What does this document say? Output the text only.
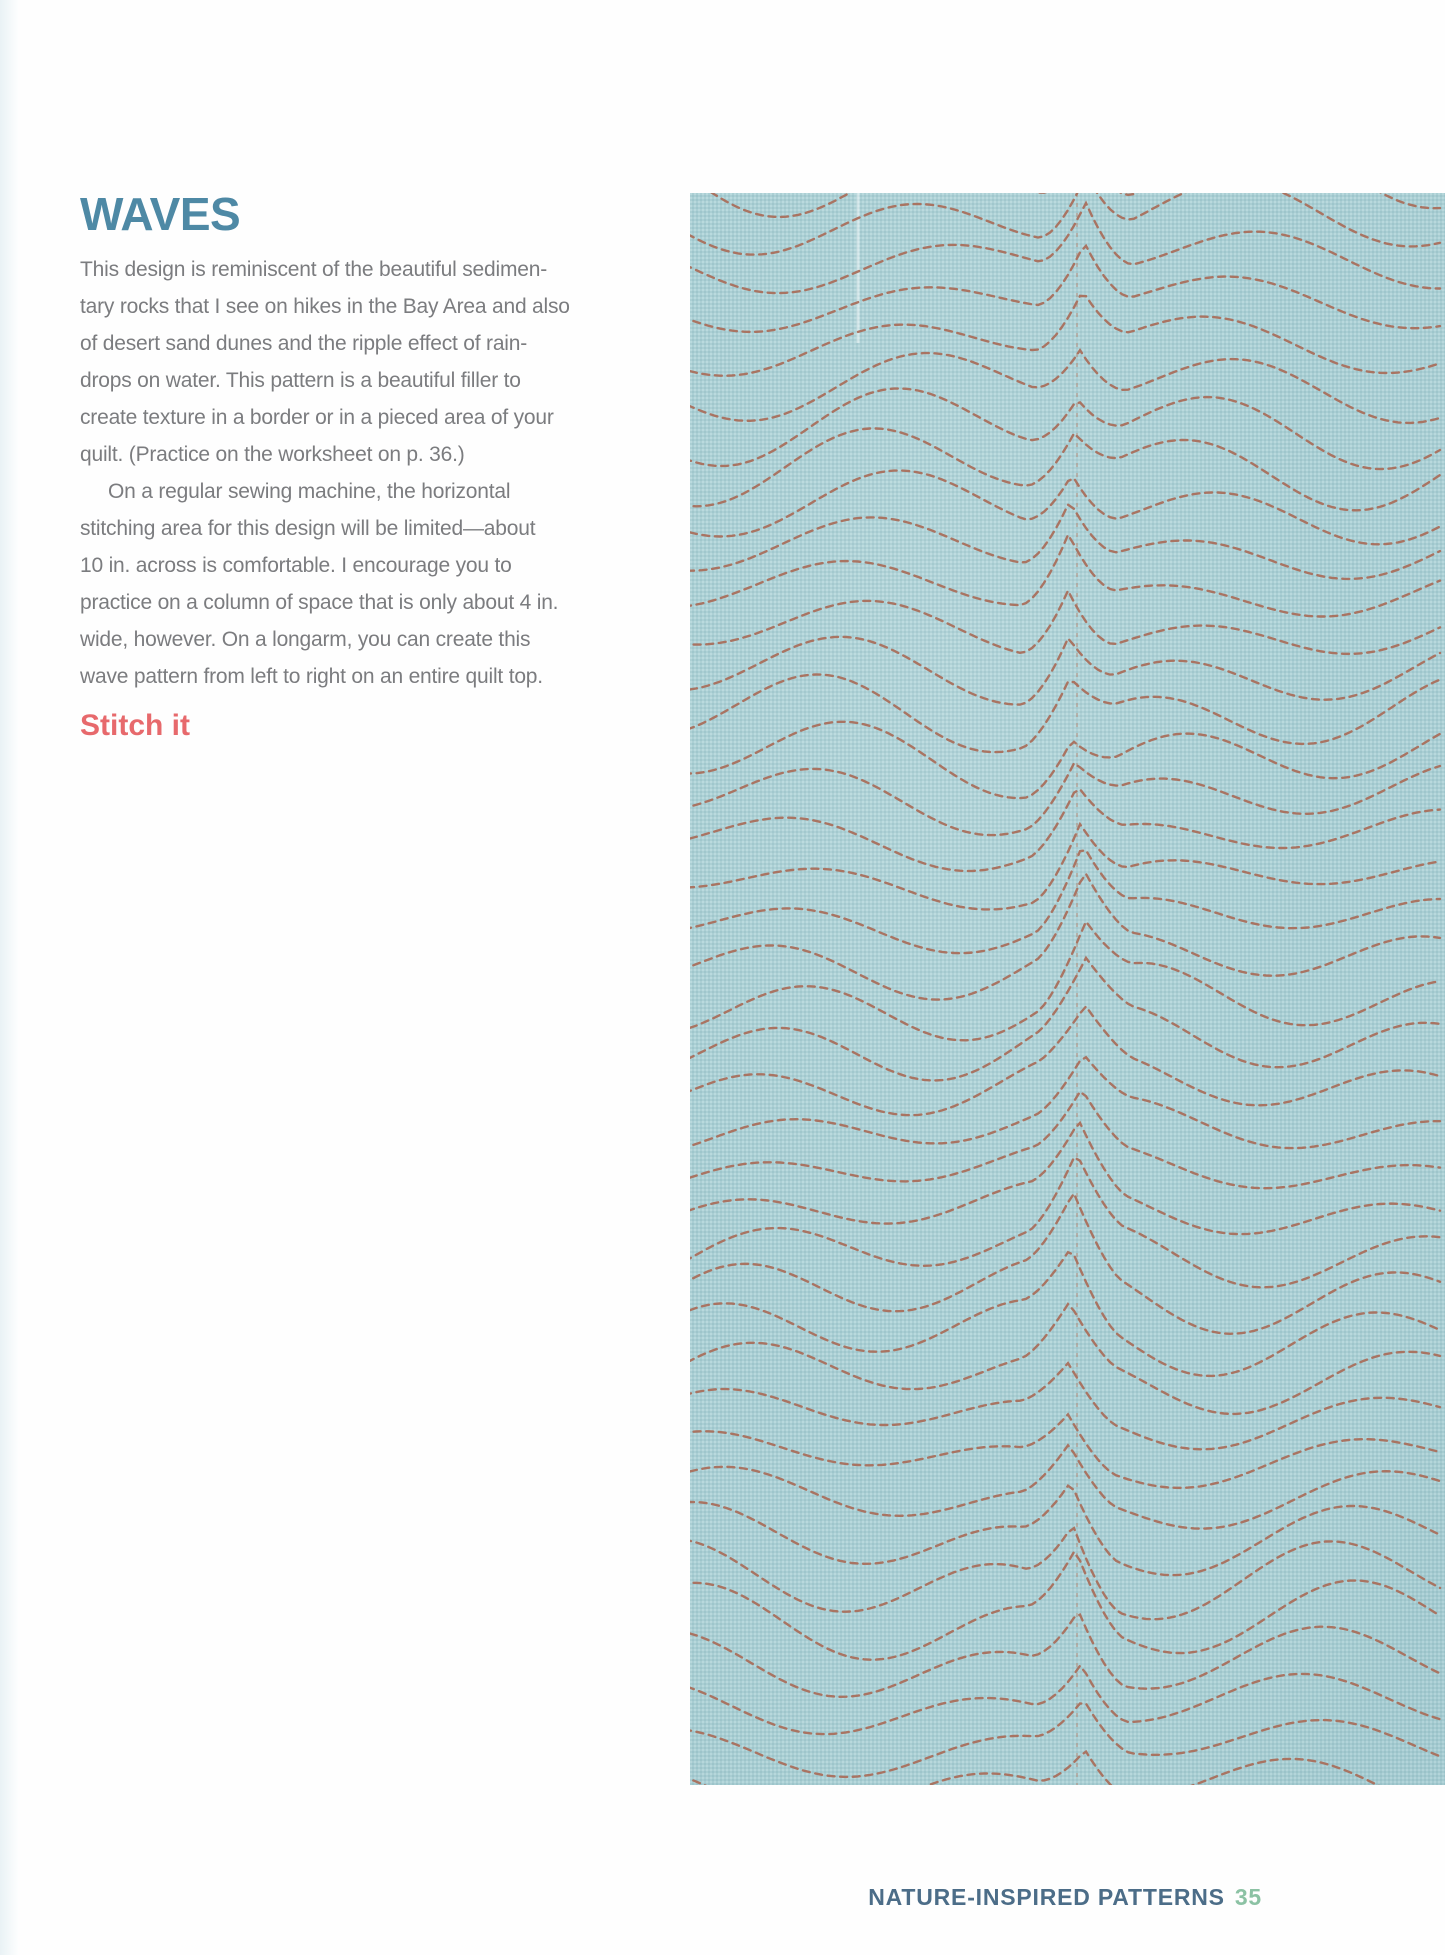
WAVES
This design is reminiscent of the beautiful sedimen-
tary rocks that I see on hikes in the Bay Area and also
of desert sand dunes and the ripple effect of rain-
drops on water. This pattern is a beautiful filler to
create texture in a border or in a pieced area of your
quilt. (Practice on the worksheet on p. 36.)
On a regular sewing machine, the horizontal
stitching area for this design will be limited—about
10 in. across is comfortable. I encourage you to
practice on a column of space that is only about 4 in.
wide, however. On a longarm, you can create this
wave pattern from left to right on an entire quilt top.
Stitch it
NATURE-INSPIRED PATTERNS 35
